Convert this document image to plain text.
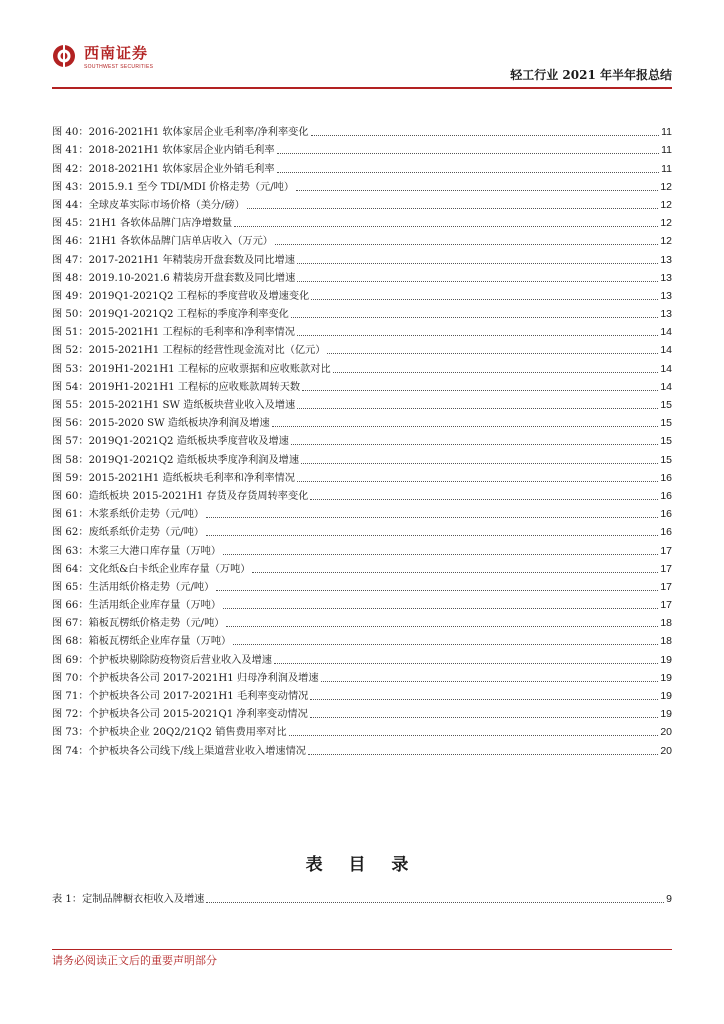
西南证券
SOUTHWEST SECURITIES
轻工行业 2021 年半年报总结
图 40：2016-2021H1 软体家居企业毛利率/净利率变化	11
图 41：2018-2021H1 软体家居企业内销毛利率	11
图 42：2018-2021H1 软体家居企业外销毛利率	11
图 43：2015.9.1 至今 TDI/MDI 价格走势（元/吨）	12
图 44：全球皮革实际市场价格（美分/磅）	12
图 45：21H1 各软体品牌门店净增数量	12
图 46：21H1 各软体品牌门店单店收入（万元）	12
图 47：2017-2021H1 年精装房开盘套数及同比增速	13
图 48：2019.10-2021.6 精装房开盘套数及同比增速	13
图 49：2019Q1-2021Q2 工程标的季度营收及增速变化	13
图 50：2019Q1-2021Q2 工程标的季度净利率变化	13
图 51：2015-2021H1 工程标的毛利率和净利率情况	14
图 52：2015-2021H1 工程标的经营性现金流对比（亿元）	14
图 53：2019H1-2021H1 工程标的应收票据和应收账款对比	14
图 54：2019H1-2021H1 工程标的应收账款周转天数	14
图 55：2015-2021H1 SW 造纸板块营业收入及增速	15
图 56：2015-2020 SW 造纸板块净利润及增速	15
图 57：2019Q1-2021Q2 造纸板块季度营收及增速	15
图 58：2019Q1-2021Q2 造纸板块季度净利润及增速	15
图 59：2015-2021H1 造纸板块毛利率和净利率情况	16
图 60：造纸板块 2015-2021H1 存货及存货周转率变化	16
图 61：木浆系纸价走势（元/吨）	16
图 62：废纸系纸价走势（元/吨）	16
图 63：木浆三大港口库存量（万吨）	17
图 64：文化纸&白卡纸企业库存量（万吨）	17
图 65：生活用纸价格走势（元/吨）	17
图 66：生活用纸企业库存量（万吨）	17
图 67：箱板瓦楞纸价格走势（元/吨）	18
图 68：箱板瓦楞纸企业库存量（万吨）	18
图 69：个护板块剔除防疫物资后营业收入及增速	19
图 70：个护板块各公司 2017-2021H1 归母净利润及增速	19
图 71：个护板块各公司 2017-2021H1 毛利率变动情况	19
图 72：个护板块各公司 2015-2021Q1 净利率变动情况	19
图 73：个护板块企业 20Q2/21Q2 销售费用率对比	20
图 74：个护板块各公司线下/线上渠道营业收入增速情况	20
表 目 录
表 1：定制品牌橱衣柜收入及增速	9
请务必阅读正文后的重要声明部分
